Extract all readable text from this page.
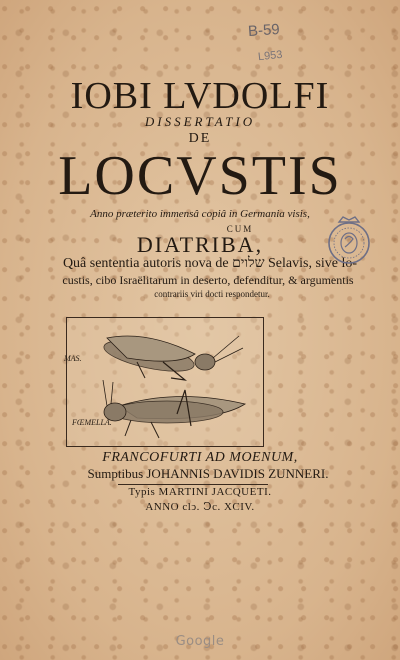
B-59
L953
IOBI LVDOLFI
DISSERTATIO
DE
LOCVSTIS
Anno præterito immensâ copiâ in Germania visis,
CUM
DIATRIBA,
Quâ sententia autoris nova de שלוים Selavis, sive lo-
custis, cibo Israëlitarum in deserto, defenditur, & argumentis
contrariis viri docti respondetur.
MAS.
FŒMELLA.
FRANCOFURTI AD MOENUM,
Sumptibus JOHANNIS DAVIDIS ZUNNERI.
Typis MARTINI JACQUETI.
ANNO clↄ. Ↄc. XCIV.
Google
